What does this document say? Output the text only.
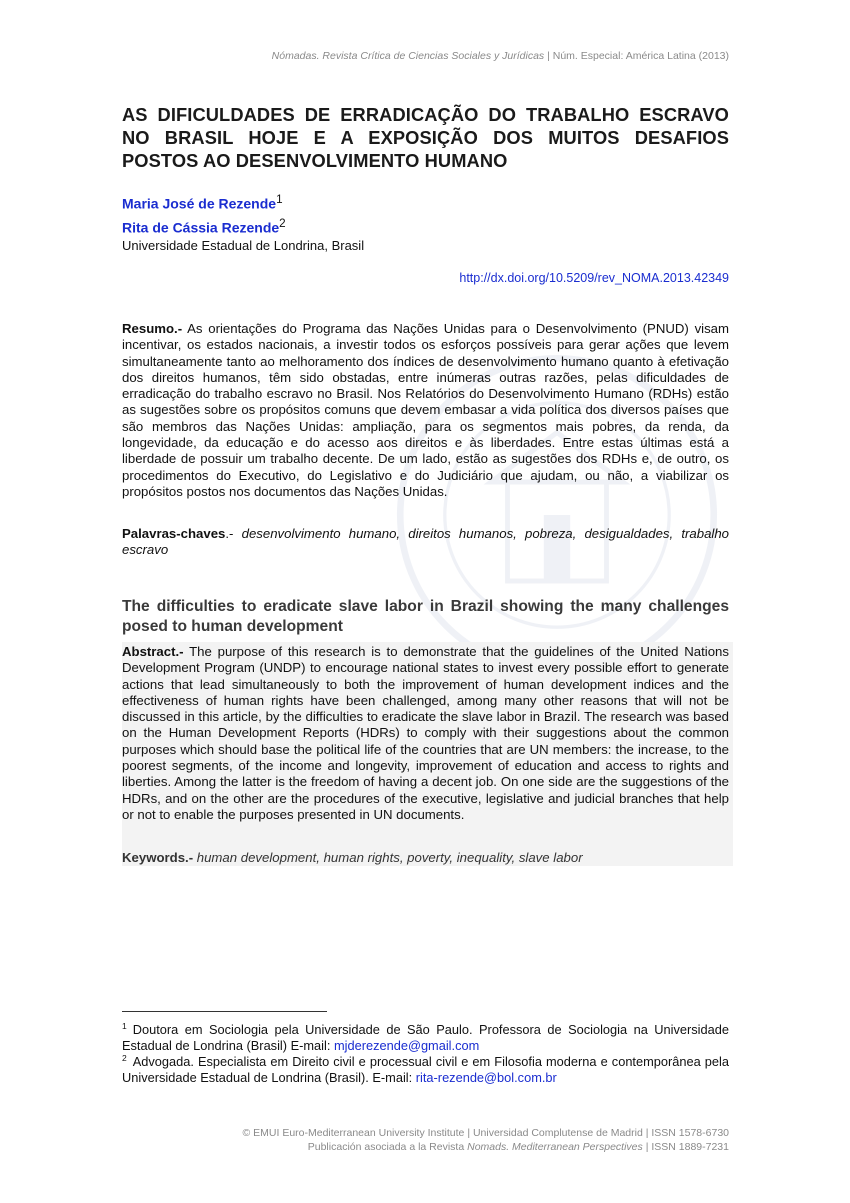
Nómadas. Revista Crítica de Ciencias Sociales y Jurídicas | Núm. Especial: América Latina (2013)
AS DIFICULDADES DE ERRADICAÇÃO DO TRABALHO ESCRAVO NO BRASIL HOJE E A EXPOSIÇÃO DOS MUITOS DESAFIOS POSTOS AO DESENVOLVIMENTO HUMANO
Maria José de Rezende$^1$
Rita de Cássia Rezende$^2$
Universidade Estadual de Londrina, Brasil
http://dx.doi.org/10.5209/rev_NOMA.2013.42349

Resumo.- As orientações do Programa das Nações Unidas para o Desenvolvimento (PNUD) visam incentivar, os estados nacionais, a investir todos os esforços possíveis para gerar ações que levem simultaneamente tanto ao melhoramento dos índices de desenvolvimento humano quanto à efetivação dos direitos humanos, têm sido obstadas, entre inúmeras outras razões, pelas dificuldades de erradicação do trabalho escravo no Brasil. Nos Relatórios do Desenvolvimento Humano (RDHs) estão as sugestões sobre os propósitos comuns que devem embasar a vida política dos diversos países que são membros das Nações Unidas: ampliação, para os segmentos mais pobres, da renda, da longevidade, da educação e do acesso aos direitos e às liberdades. Entre estas últimas está a liberdade de possuir um trabalho decente. De um lado, estão as sugestões dos RDHs e, de outro, os procedimentos do Executivo, do Legislativo e do Judiciário que ajudam, ou não, a viabilizar os propósitos postos nos documentos das Nações Unidas.

Palavras-chaves.- desenvolvimento humano, direitos humanos, pobreza, desigualdades, trabalho escravo

The difficulties to eradicate slave labor in Brazil showing the many challenges posed to human development

Abstract.- The purpose of this research is to demonstrate that the guidelines of the United Nations Development Program (UNDP) to encourage national states to invest every possible effort to generate actions that lead simultaneously to both the improvement of human development indices and the effectiveness of human rights have been challenged, among many other reasons that will not be discussed in this article, by the difficulties to eradicate the slave labor in Brazil. The research was based on the Human Development Reports (HDRs) to comply with their suggestions about the common purposes which should base the political life of the countries that are UN members: the increase, to the poorest segments, of the income and longevity, improvement of education and access to rights and liberties. Among the latter is the freedom of having a decent job. On one side are the suggestions of the HDRs, and on the other are the procedures of the executive, legislative and judicial branches that help or not to enable the purposes presented in UN documents.

Keywords.- human development, human rights, poverty, inequality, slave labor

$^1$ Doutora em Sociologia pela Universidade de São Paulo. Professora de Sociologia na Universidade Estadual de Londrina (Brasil) E-mail: mjderezende@gmail.com

$^2$ Advogada. Especialista em Direito civil e processual civil e em Filosofia moderna e contemporânea pela Universidade Estadual de Londrina (Brasil). E-mail: rita-rezende@bol.com.br

© EMUI Euro-Mediterranean University Institute | Universidad Complutense de Madrid | ISSN 1578-6730
Publicación asociada a la Revista Nomads. Mediterranean Perspectives | ISSN 1889-7231
